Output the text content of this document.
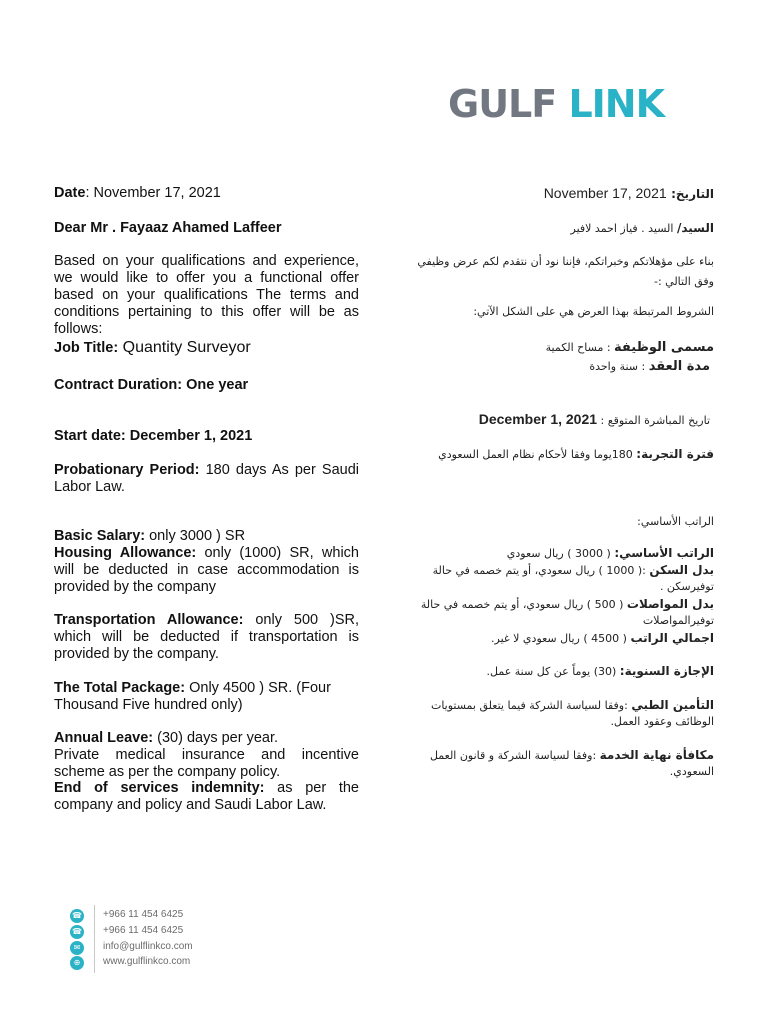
GULF LINK
Date: November 17, 2021
Dear Mr . Fayaaz Ahamed Laffeer

Based on your qualifications and experience, we would like to offer you a functional offer based on your qualifications The terms and conditions pertaining to this offer will be as follows:

Job Title: Quantity Surveyor
Contract Duration: One year
Start date: December 1, 2021

Probationary Period: 180 days As per Saudi Labor Law.

Basic Salary: only 3000 ) SR

Housing Allowance: only (1000) SR, which will be deducted in case accommodation is provided by the company

Transportation Allowance: only 500 )SR, which will be deducted if transportation is provided by the company.

The Total Package: Only 4500 ) SR. (Four Thousand Five hundred only)

Annual Leave: (30) days per year.

Private medical insurance and incentive scheme as per the company policy.

End of services indemnity: as per the company and policy and Saudi Labor Law.

التاريخ: November 17, 2021
السيد/ السيد . فياز احمد لافير

بناء على مؤهلاتكم وخبراتكم، فإننا نود أن نتقدم لكم عرض وظيفي وفق التالي :-

الشروط المرتبطة بهذا العرض هي على الشكل الآتي:

مسمى الوظيفة : مساح الكمية
مدة العقد : سنة واحدة
تاريخ المباشرة المتوقع : December 1, 2021
فترة التجربة: 180يوما وفقا لأحكام نظام العمل السعودي
الراتب الأساسي:
الراتب الأساسي: ( 3000 ) ريال سعودي

بدل السكن :( 1000 ) ريال سعودي، أو يتم خصمه في حالة توفيرسكن .

بدل المواصلات ( 500 ) ريال سعودي، أو يتم خصمه في حالة توفيرالمواصلات

اجمالي الراتب ( 4500 ) ريال سعودي لا غير.
الإجازة السنوية: (30) يوماً عن كل سنة عمل.

التأمين الطبي :وفقا لسياسة الشركة فيما يتعلق بمستويات الوظائف وعقود العمل.

مكافأة نهاية الخدمة :وفقا لسياسة الشركة و قانون العمل السعودي.

☎ +966 11 454 6425
☎ +966 11 454 6425
✉	info@gulflinkco.com
⊕	www.gulflinkco.com
